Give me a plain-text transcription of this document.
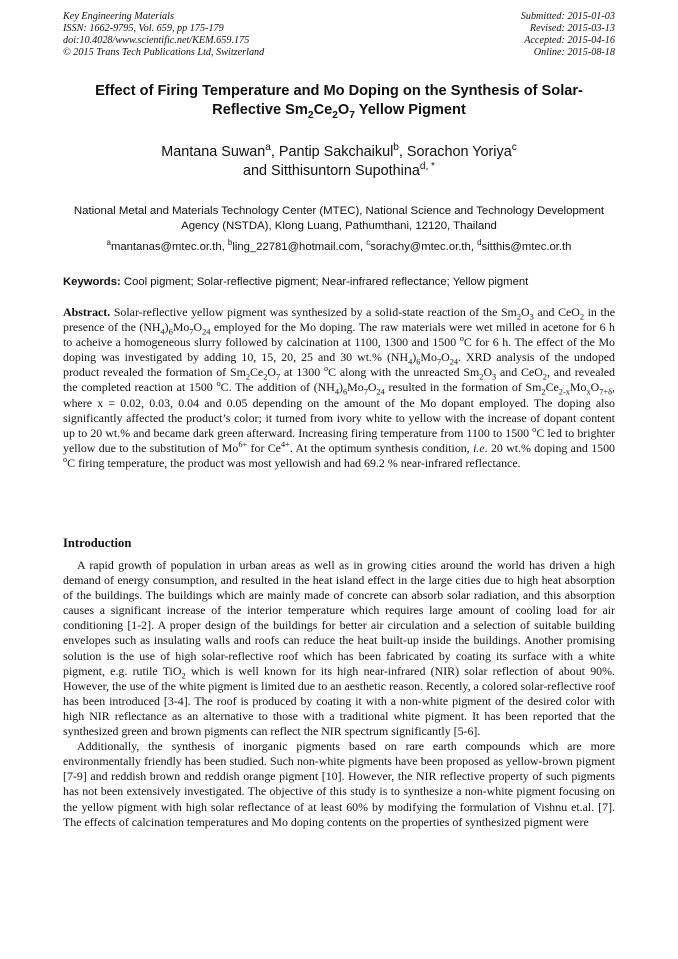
Key Engineering Materials
ISSN: 1662-9795, Vol. 659, pp 175-179
doi:10.4028/www.scientific.net/KEM.659.175
© 2015 Trans Tech Publications Ltd, Switzerland
Submitted: 2015-01-03
Revised: 2015-03-13
Accepted: 2015-04-16
Online: 2015-08-18
Effect of Firing Temperature and Mo Doping on the Synthesis of Solar-Reflective $Sm_2Ce_2O_7$ Yellow Pigment
Mantana Suwan$^a$, Pantip Sakchaikul$^b$, Sorachon Yoriya$^c$
and Sitthisuntorn Supothina$^{d, *}$
National Metal and Materials Technology Center (MTEC), National Science and Technology Development Agency (NSTDA), Klong Luang, Pathumthani, 12120, Thailand
$^a$mantanas@mtec.or.th, $^b$ling_22781@hotmail.com, $^c$sorachy@mtec.or.th, $^d$sitthis@mtec.or.th
Keywords: Cool pigment; Solar-reflective pigment; Near-infrared reflectance; Yellow pigment
Abstract. Solar-reflective yellow pigment was synthesized by a solid-state reaction of the $Sm_2O_3$ and CeO$_2$ in the presence of the $(NH_4)_6Mo_7O_{24}$ employed for the Mo doping. The raw materials were wet milled in acetone for 6 h to acheive a homogeneous slurry followed by calcination at 1100, 1300 and 1500 $^o$C for 6 h. The effect of the Mo doping was investigated by adding 10, 15, 20, 25 and 30 wt.% $(NH_4)_6Mo_7O_{24}$. XRD analysis of the undoped product revealed the formation of $Sm_2Ce_2O_7$ at 1300 $^o$C along with the unreacted $Sm_2O_3$ and CeO$_2$, and revealed the completed reaction at 1500 $^o$C. The addition of $(NH_4)_6Mo_7O_{24}$ resulted in the formation of $Sm_2Ce_{2-x}Mo_xO_{7+\delta}$, where x = 0.02, 0.03, 0.04 and 0.05 depending on the amount of the Mo dopant employed. The doping also significantly affected the product’s color; it turned from ivory white to yellow with the increase of dopant content up to 20 wt.% and became dark green afterward. Increasing firing temperature from 1100 to 1500 $^o$C led to brighter yellow due to the substitution of $Mo^{6+}$ for $Ce^{4+}$. At the optimum synthesis condition, i.e. 20 wt.% doping and 1500 $^o$C firing temperature, the product was most yellowish and had 69.2 % near-infrared reflectance.
Introduction

A rapid growth of population in urban areas as well as in growing cities around the world has driven a high demand of energy consumption, and resulted in the heat island effect in the large cities due to high heat absorption of the buildings. The buildings which are mainly made of concrete can absorb solar radiation, and this absorption causes a significant increase of the interior temperature which requires large amount of cooling load for air conditioning [1-2]. A proper design of the buildings for better air circulation and a selection of suitable building envelopes such as insulating walls and roofs can reduce the heat built-up inside the buildings. Another promising solution is the use of high solar-reflective roof which has been fabricated by coating its surface with a white pigment, e.g. rutile TiO$_2$ which is well known for its high near-infrared (NIR) solar reflection of about 90%. However, the use of the white pigment is limited due to an aesthetic reason. Recently, a colored solar-reflective roof has been introduced [3-4]. The roof is produced by coating it with a non-white pigment of the desired color with high NIR reflectance as an alternative to those with a traditional white pigment. It has been reported that the synthesized green and brown pigments can reflect the NIR spectrum significantly [5-6].

Additionally, the synthesis of inorganic pigments based on rare earth compounds which are more environmentally friendly has been studied. Such non-white pigments have been proposed as yellow-brown pigment [7-9] and reddish brown and reddish orange pigment [10]. However, the NIR reflective property of such pigments has not been extensively investigated. The objective of this study is to synthesize a non-white pigment focusing on the yellow pigment with high solar reflectance of at least 60% by modifying the formulation of Vishnu et.al. [7]. The effects of calcination temperatures and Mo doping contents on the properties of synthesized pigment were
